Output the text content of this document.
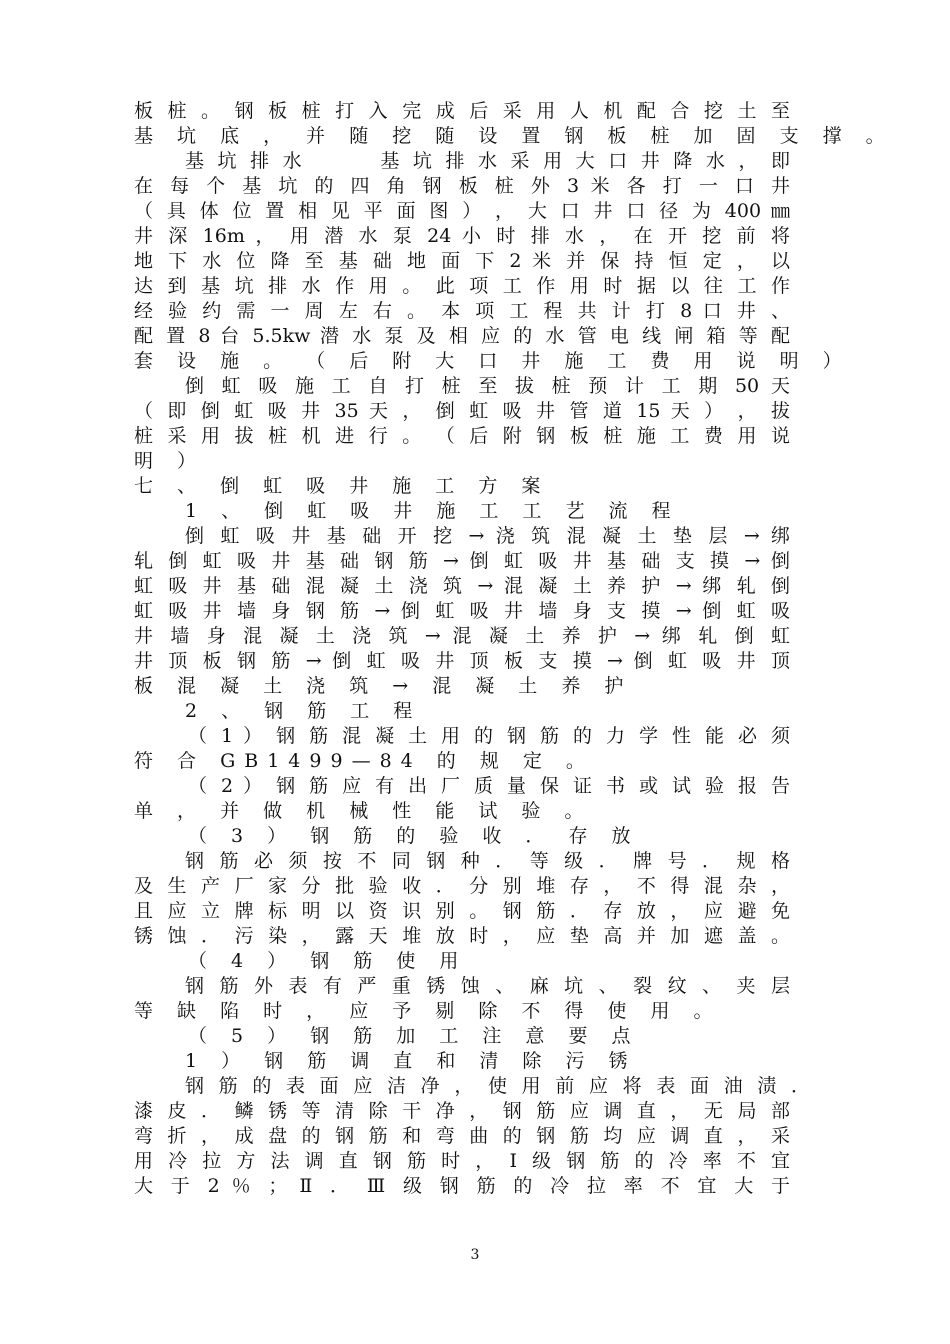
板 桩 。 钢 板 桩 打 入 完 成 后 采 用 人 机 配 合 挖 土 至
基 坑 底 ， 并 随 挖 随 设 置 钢 板 桩 加 固 支 撑 。
基 坑 排 水 　 　 基 坑 排 水 采 用 大 口 井 降 水 ， 即
在 每 个 基 坑 的 四 角 钢 板 桩 外 3 米 各 打 一 口 井
（ 具 体 位 置 相 见 平 面 图 ） ， 大 口 井 口 径 为 400 ㎜
井 深 16m ， 用 潜 水 泵 24 小 时 排 水 ， 在 开 挖 前 将
地 下 水 位 降 至 基 础 地 面 下 2 米 并 保 持 恒 定 ， 以
达 到 基 坑 排 水 作 用 。 此 项 工 作 用 时 据 以 往 工 作
经 验 约 需 一 周 左 右 。 本 项 工 程 共 计 打 8 口 井 、
配 置 8 台 5.5kw 潜 水 泵 及 相 应 的 水 管 电 线 闸 箱 等 配
套 设 施 。 （ 后 附 大 口 井 施 工 费 用 说 明 ）
倒 虹 吸 施 工 自 打 桩 至 拔 桩 预 计 工 期 50 天
（ 即 倒 虹 吸 井 35 天 ， 倒 虹 吸 井 管 道 15 天 ） ， 拔
桩 采 用 拔 桩 机 进 行 。 （ 后 附 钢 板 桩 施 工 费 用 说
明 ）
七 、 倒 虹 吸 井 施 工 方 案
1 、 倒 虹 吸 井 施 工 工 艺 流 程
倒 虹 吸 井 基 础 开 挖 → 浇 筑 混 凝 土 垫 层 → 绑
轧 倒 虹 吸 井 基 础 钢 筋 → 倒 虹 吸 井 基 础 支 摸 → 倒
虹 吸 井 基 础 混 凝 土 浇 筑 → 混 凝 土 养 护 → 绑 轧 倒
虹 吸 井 墙 身 钢 筋 → 倒 虹 吸 井 墙 身 支 摸 → 倒 虹 吸
井 墙 身 混 凝 土 浇 筑 → 混 凝 土 养 护 → 绑 轧 倒 虹
井 顶 板 钢 筋 → 倒 虹 吸 井 顶 板 支 摸 → 倒 虹 吸 井 顶
板 混 凝 土 浇 筑 → 混 凝 土 养 护
2 、 钢 筋 工 程
（ 1 ） 钢 筋 混 凝 土 用 的 钢 筋 的 力 学 性 能 必 须
符 合 GB1499—84 的 规 定 。
（ 2 ） 钢 筋 应 有 出 厂 质 量 保 证 书 或 试 验 报 告
单 ， 并 做 机 械 性 能 试 验 。
（ 3 ） 钢 筋 的 验 收 ． 存 放
钢 筋 必 须 按 不 同 钢 种 ． 等 级 ． 牌 号 ． 规 格
及 生 产 厂 家 分 批 验 收 ． 分 别 堆 存 ， 不 得 混 杂 ，
且 应 立 牌 标 明 以 资 识 别 。 钢 筋 ． 存 放 ， 应 避 免
锈 蚀 ． 污 染 ， 露 天 堆 放 时 ， 应 垫 高 并 加 遮 盖 。
（ 4 ） 钢 筋 使 用
钢 筋 外 表 有 严 重 锈 蚀 、 麻 坑 、 裂 纹 、 夹 层
等 缺 陷 时 ， 应 予 剔 除 不 得 使 用 。
（ 5 ） 钢 筋 加 工 注 意 要 点
1 ） 钢 筋 调 直 和 清 除 污 锈
钢 筋 的 表 面 应 洁 净 ， 使 用 前 应 将 表 面 油 渍 ．
漆 皮 ． 鳞 锈 等 清 除 干 净 ， 钢 筋 应 调 直 ， 无 局 部
弯 折 ， 成 盘 的 钢 筋 和 弯 曲 的 钢 筋 均 应 调 直 ， 采
用 冷 拉 方 法 调 直 钢 筋 时 ， Ⅰ 级 钢 筋 的 冷 率 不 宜
大 于 2 ％ ； Ⅱ ． Ⅲ 级 钢 筋 的 冷 拉 率 不 宜 大 于
3
